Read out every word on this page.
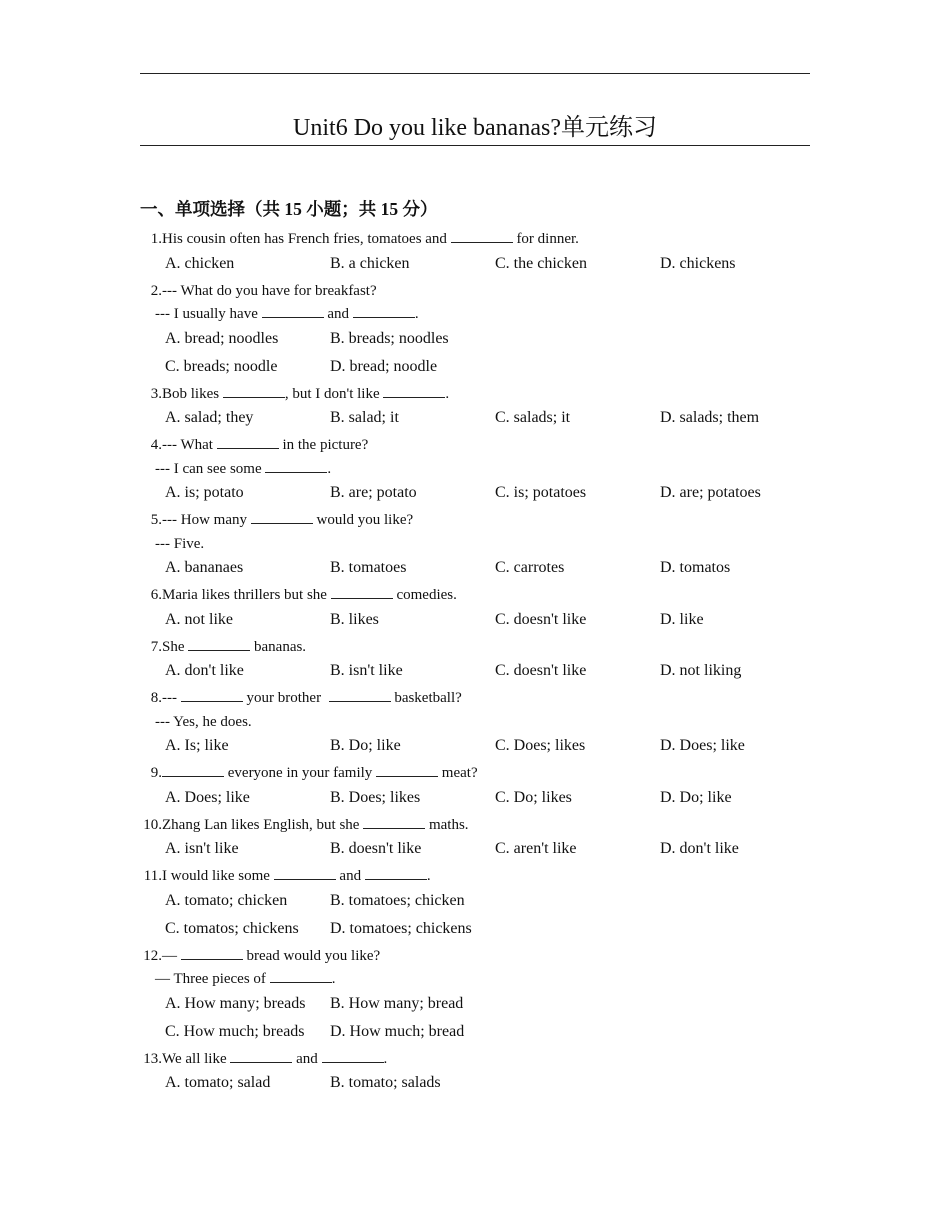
Unit6 Do you like bananas?单元练习
一、单项选择（共 15 小题；共 15 分）
1. His cousin often has French fries, tomatoes and	for dinner.
A. chicken	B. a chicken	C. the chicken	D. chickens
2. --- What do you have for breakfast?
--- I usually have	and	.
A. bread; noodles	B. breads; noodles
C. breads; noodle	D. bread; noodle
3. Bob likes	, but I don't like	.
A. salad; they	B. salad; it	C. salads; it	D. salads; them
4. --- What	in the picture?
--- I can see some	.
A. is; potato	B. are; potato	C. is; potatoes	D. are; potatoes
5. --- How many	would you like?
--- Five.
A. bananaes	B. tomatoes	C. carrotes	D. tomatos
6. Maria likes thrillers but she	comedies.
A. not like	B. likes	C. doesn't like	D. like
7. She	bananas.
A. don't like	B. isn't like	C. doesn't like	D. not liking
8. ---	your brother	basketball?
--- Yes, he does.
A. Is; like	B. Do; like	C. Does; likes	D. Does; like
9.	everyone in your family	meat?
A. Does; like	B. Does; likes	C. Do; likes	D. Do; like
10. Zhang Lan likes English, but she	maths.
A. isn't like	B. doesn't like	C. aren't like	D. don't like
11. I would like some	and	.
A. tomato; chicken	B. tomatoes; chicken
C. tomatos; chickens D. tomatoes; chickens
12. —	bread would you like?
— Three pieces of	.
A. How many; breads B. How many; bread
C. How much; breads D. How much; bread
13. We all like	and	.
A. tomato; salad	B. tomato; salads
